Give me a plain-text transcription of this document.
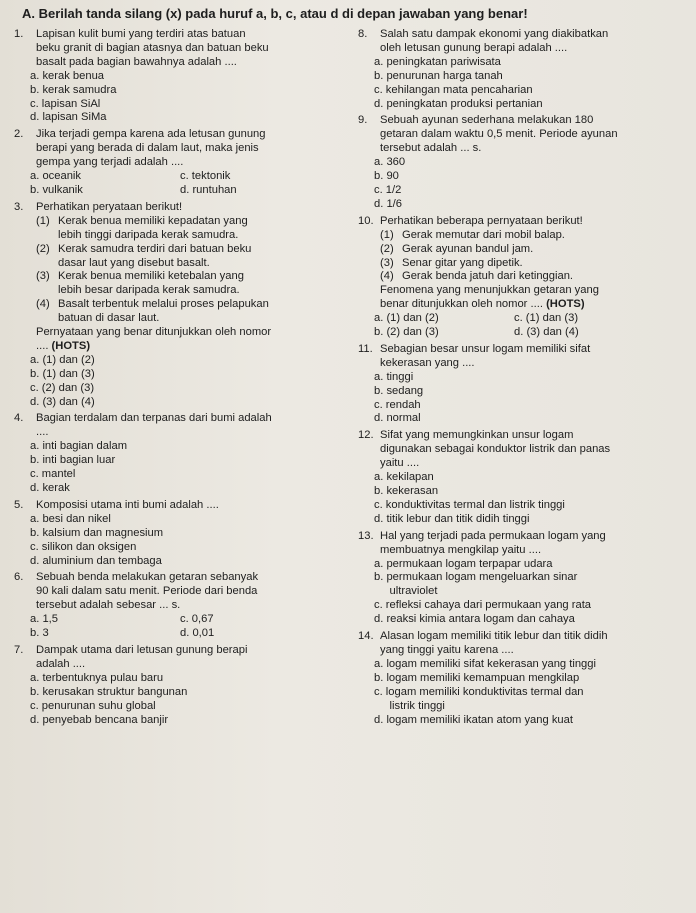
A. Berilah tanda silang (x) pada huruf a, b, c, atau d di depan jawaban yang benar!
1.	Lapisan kulit bumi yang terdiri atas batuan
beku granit di bagian atasnya dan batuan beku
basalt pada bagian bawahnya adalah ....
a. kerak benua
b. kerak samudra
c. lapisan SiAl
d. lapisan SiMa
2.	Jika terjadi gempa karena ada letusan gunung
berapi yang berada di dalam laut, maka jenis
gempa yang terjadi adalah ....
a. oceanik	c. tektonik
b. vulkanik	d. runtuhan
3.	Perhatikan peryataan berikut!
(1) Kerak benua memiliki kepadatan yang
lebih tinggi daripada kerak samudra.
(2) Kerak samudra terdiri dari batuan beku
dasar laut yang disebut basalt.
(3) Kerak benua memiliki ketebalan yang
lebih besar daripada kerak samudra.
(4) Basalt terbentuk melalui proses pelapukan
batuan di dasar laut.
Pernyataan yang benar ditunjukkan oleh nomor
.... (HOTS)
a. (1) dan (2)
b. (1) dan (3)
c. (2) dan (3)
d. (3) dan (4)
4.	Bagian terdalam dan terpanas dari bumi adalah
....
a. inti bagian dalam
b. inti bagian luar
c. mantel
d. kerak
5.	Komposisi utama inti bumi adalah ....
a. besi dan nikel
b. kalsium dan magnesium
c. silikon dan oksigen
d. aluminium dan tembaga
6.	Sebuah benda melakukan getaran sebanyak
90 kali dalam satu menit. Periode dari benda
tersebut adalah sebesar ... s.
a. 1,5	c. 0,67
b. 3	d. 0,01
7.	Dampak utama dari letusan gunung berapi
adalah ....
a. terbentuknya pulau baru
b. kerusakan struktur bangunan
c. penurunan suhu global
d. penyebab bencana banjir
8.	Salah satu dampak ekonomi yang diakibatkan
oleh letusan gunung berapi adalah ....
a. peningkatan pariwisata
b. penurunan harga tanah
c. kehilangan mata pencaharian
d. peningkatan produksi pertanian
9.	Sebuah ayunan sederhana melakukan 180
getaran dalam waktu 0,5 menit. Periode ayunan
tersebut adalah ... s.
a. 360
b. 90
c. 1/2
d. 1/6
10. Perhatikan beberapa pernyataan berikut!
(1) Gerak memutar dari mobil balap.
(2) Gerak ayunan bandul jam.
(3) Senar gitar yang dipetik.
(4) Gerak benda jatuh dari ketinggian.
Fenomena yang menunjukkan getaran yang
benar ditunjukkan oleh nomor .... (HOTS)
a. (1) dan (2)	c. (1) dan (3)
b. (2) dan (3)	d. (3) dan (4)
11. Sebagian besar unsur logam memiliki sifat
kekerasan yang ....
a. tinggi
b. sedang
c. rendah
d. normal
12. Sifat yang memungkinkan unsur logam
digunakan sebagai konduktor listrik dan panas
yaitu ....
a. kekilapan
b. kekerasan
c. konduktivitas termal dan listrik tinggi
d. titik lebur dan titik didih tinggi
13. Hal yang terjadi pada permukaan logam yang
membuatnya mengkilap yaitu ....
a. permukaan logam terpapar udara
b. permukaan logam mengeluarkan sinar
ultraviolet
c. refleksi cahaya dari permukaan yang rata
d. reaksi kimia antara logam dan cahaya
14. Alasan logam memiliki titik lebur dan titik didih
yang tinggi yaitu karena ....
a. logam memiliki sifat kekerasan yang tinggi
b. logam memiliki kemampuan mengkilap
c. logam memiliki konduktivitas termal dan
listrik tinggi
d. logam memiliki ikatan atom yang kuat
